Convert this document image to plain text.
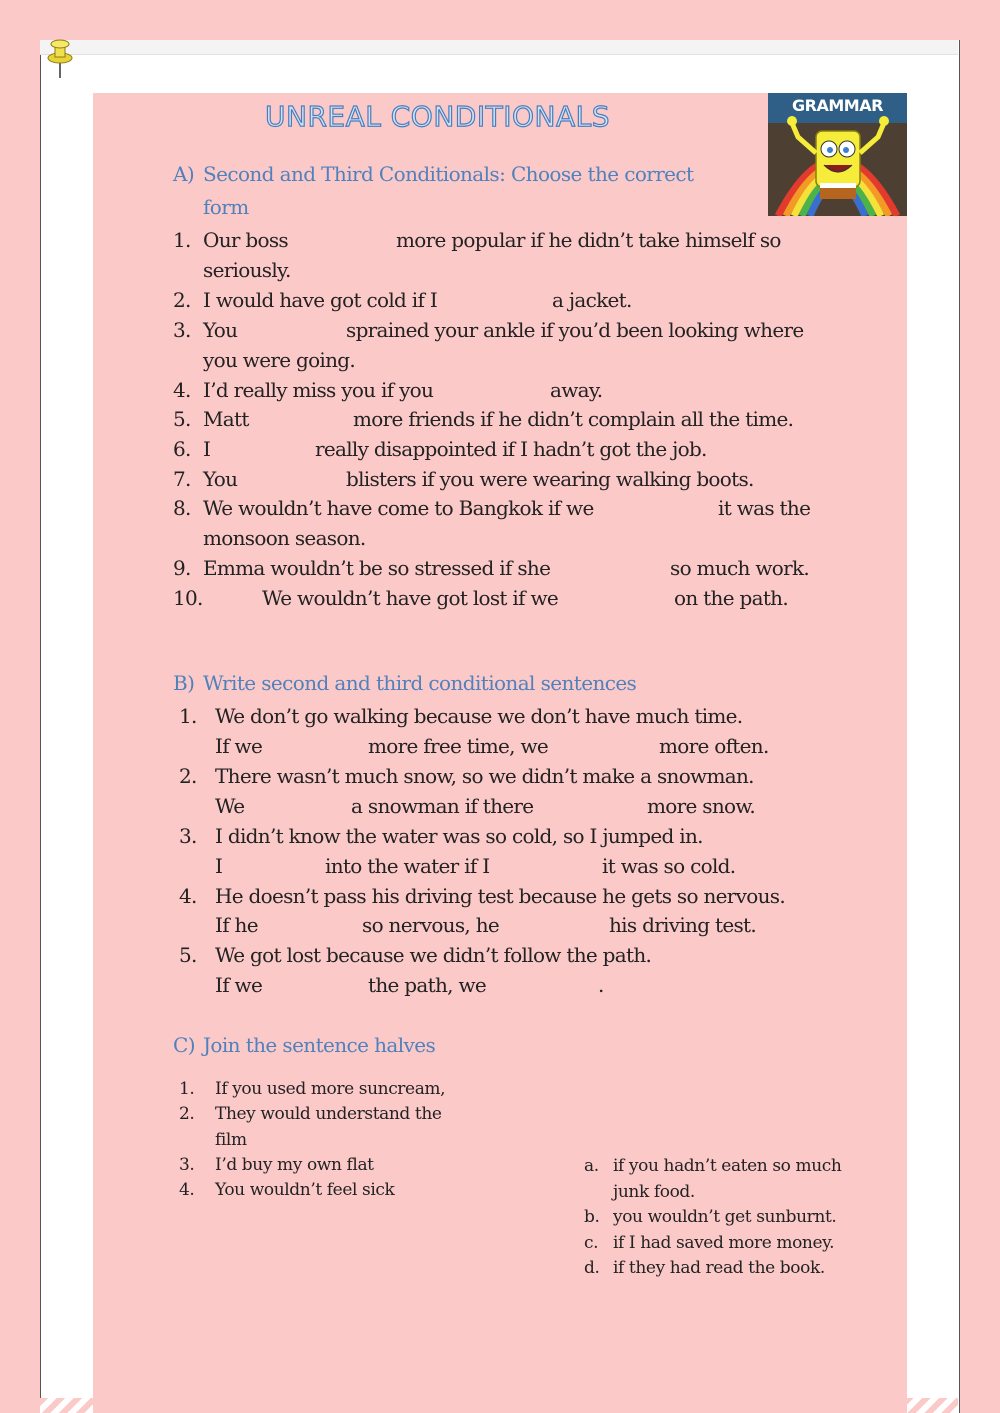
UNREAL CONDITIONALS	GRAMMAR
A) Second and Third Conditionals: Choose the correct
form
1. Our boss	more popular if he didn’t take himself so
seriously.
2. I would have got cold if I	a jacket.
3. You	sprained your ankle if you’d been looking where
you were going.
4. I’d really miss you if you	away.
5. Matt	more friends if he didn’t complain all the time.
6. I	really disappointed if I hadn’t got the job.
7. You	blisters if you were wearing walking boots.
8. We wouldn’t have come to Bangkok if we	it was the
monsoon season.
9. Emma wouldn’t be so stressed if she	so much work.
10.	We wouldn’t have got lost if we	on the path.
B) Write second and third conditional sentences
1. We don’t go walking because we don’t have much time.
If we	more free time, we	more often.
2. There wasn’t much snow, so we didn’t make a snowman.
We	a snowman if there	more snow.
3. I didn’t know the water was so cold, so I jumped in.
I	into the water if I	it was so cold.
4. He doesn’t pass his driving test because he gets so nervous.
If he	so nervous, he	his driving test.
5. We got lost because we didn’t follow the path.
If we	the path, we	.
C) Join the sentence halves
1. If you used more suncream,
2. They would understand the
film
3. I’d buy my own flat
4. You wouldn’t feel sick
a. if you hadn’t eaten so much
junk food.
b. you wouldn’t get sunburnt.
c. if I had saved more money.
d. if they had read the book.
